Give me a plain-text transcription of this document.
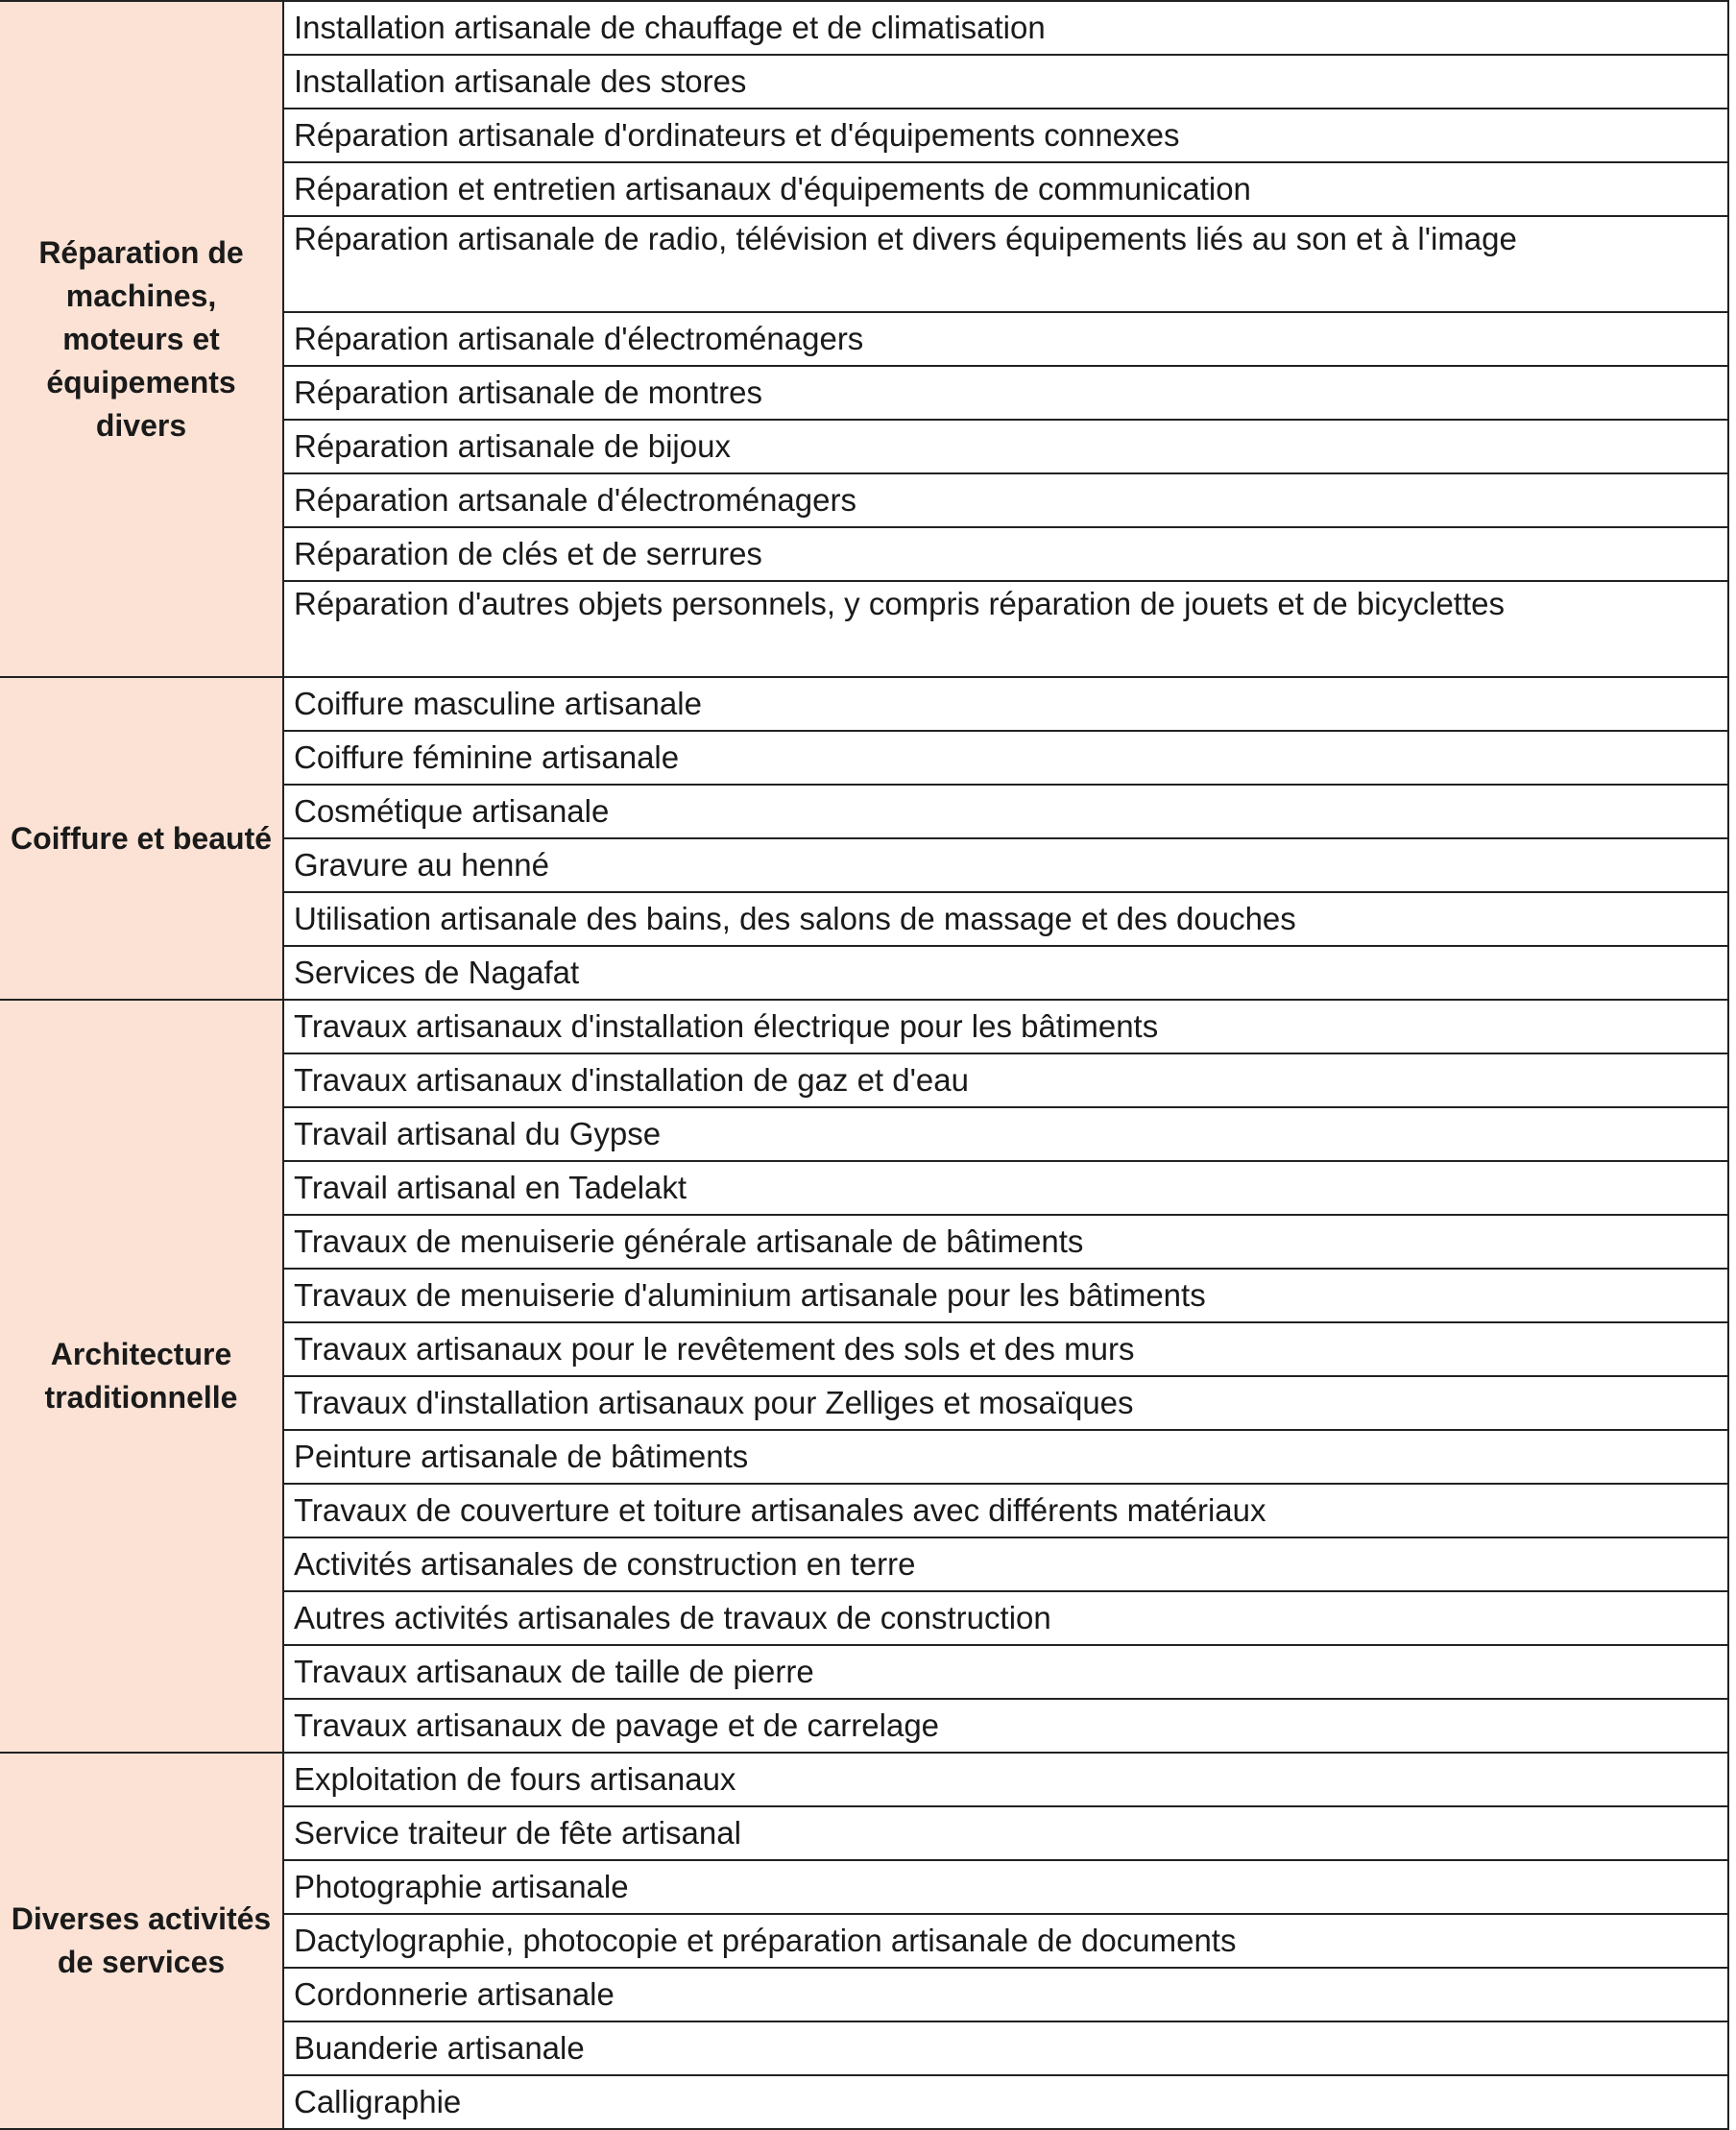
Réparation de machines, moteurs et équipements divers	Installation artisanale de chauffage et de climatisation
	Installation artisanale des stores
	Réparation artisanale d'ordinateurs et d'équipements connexes
	Réparation et entretien artisanaux d'équipements de communication
	Réparation artisanale de radio, télévision et divers équipements liés au son et à l'image
	Réparation artisanale d'électroménagers
	Réparation artisanale de montres
	Réparation artisanale de bijoux
	Réparation artsanale d'électroménagers
	Réparation de clés et de serrures
	Réparation d'autres objets personnels, y compris réparation de jouets et de bicyclettes
Coiffure et beauté	Coiffure masculine artisanale
	Coiffure féminine artisanale
	Cosmétique artisanale
	Gravure au henné
	Utilisation artisanale des bains, des salons de massage et des douches
	Services de Nagafat
Architecture traditionnelle	Travaux artisanaux d'installation électrique pour les bâtiments
	Travaux artisanaux d'installation de gaz et d'eau
	Travail artisanal du Gypse
	Travail artisanal en Tadelakt
	Travaux de menuiserie générale artisanale de bâtiments
	Travaux de menuiserie d'aluminium artisanale pour les bâtiments
	Travaux artisanaux pour le revêtement des sols et des murs
	Travaux d'installation artisanaux pour Zelliges et mosaïques
	Peinture artisanale de bâtiments
	Travaux de couverture et toiture artisanales avec différents matériaux
	Activités artisanales de construction en terre
	Autres activités artisanales de travaux de construction
	Travaux artisanaux de taille de pierre
	Travaux artisanaux de pavage et de carrelage
Diverses activités de services	Exploitation de fours artisanaux
	Service traiteur de fête artisanal
	Photographie artisanale
	Dactylographie, photocopie et préparation artisanale de documents
	Cordonnerie artisanale
	Buanderie artisanale
	Calligraphie
